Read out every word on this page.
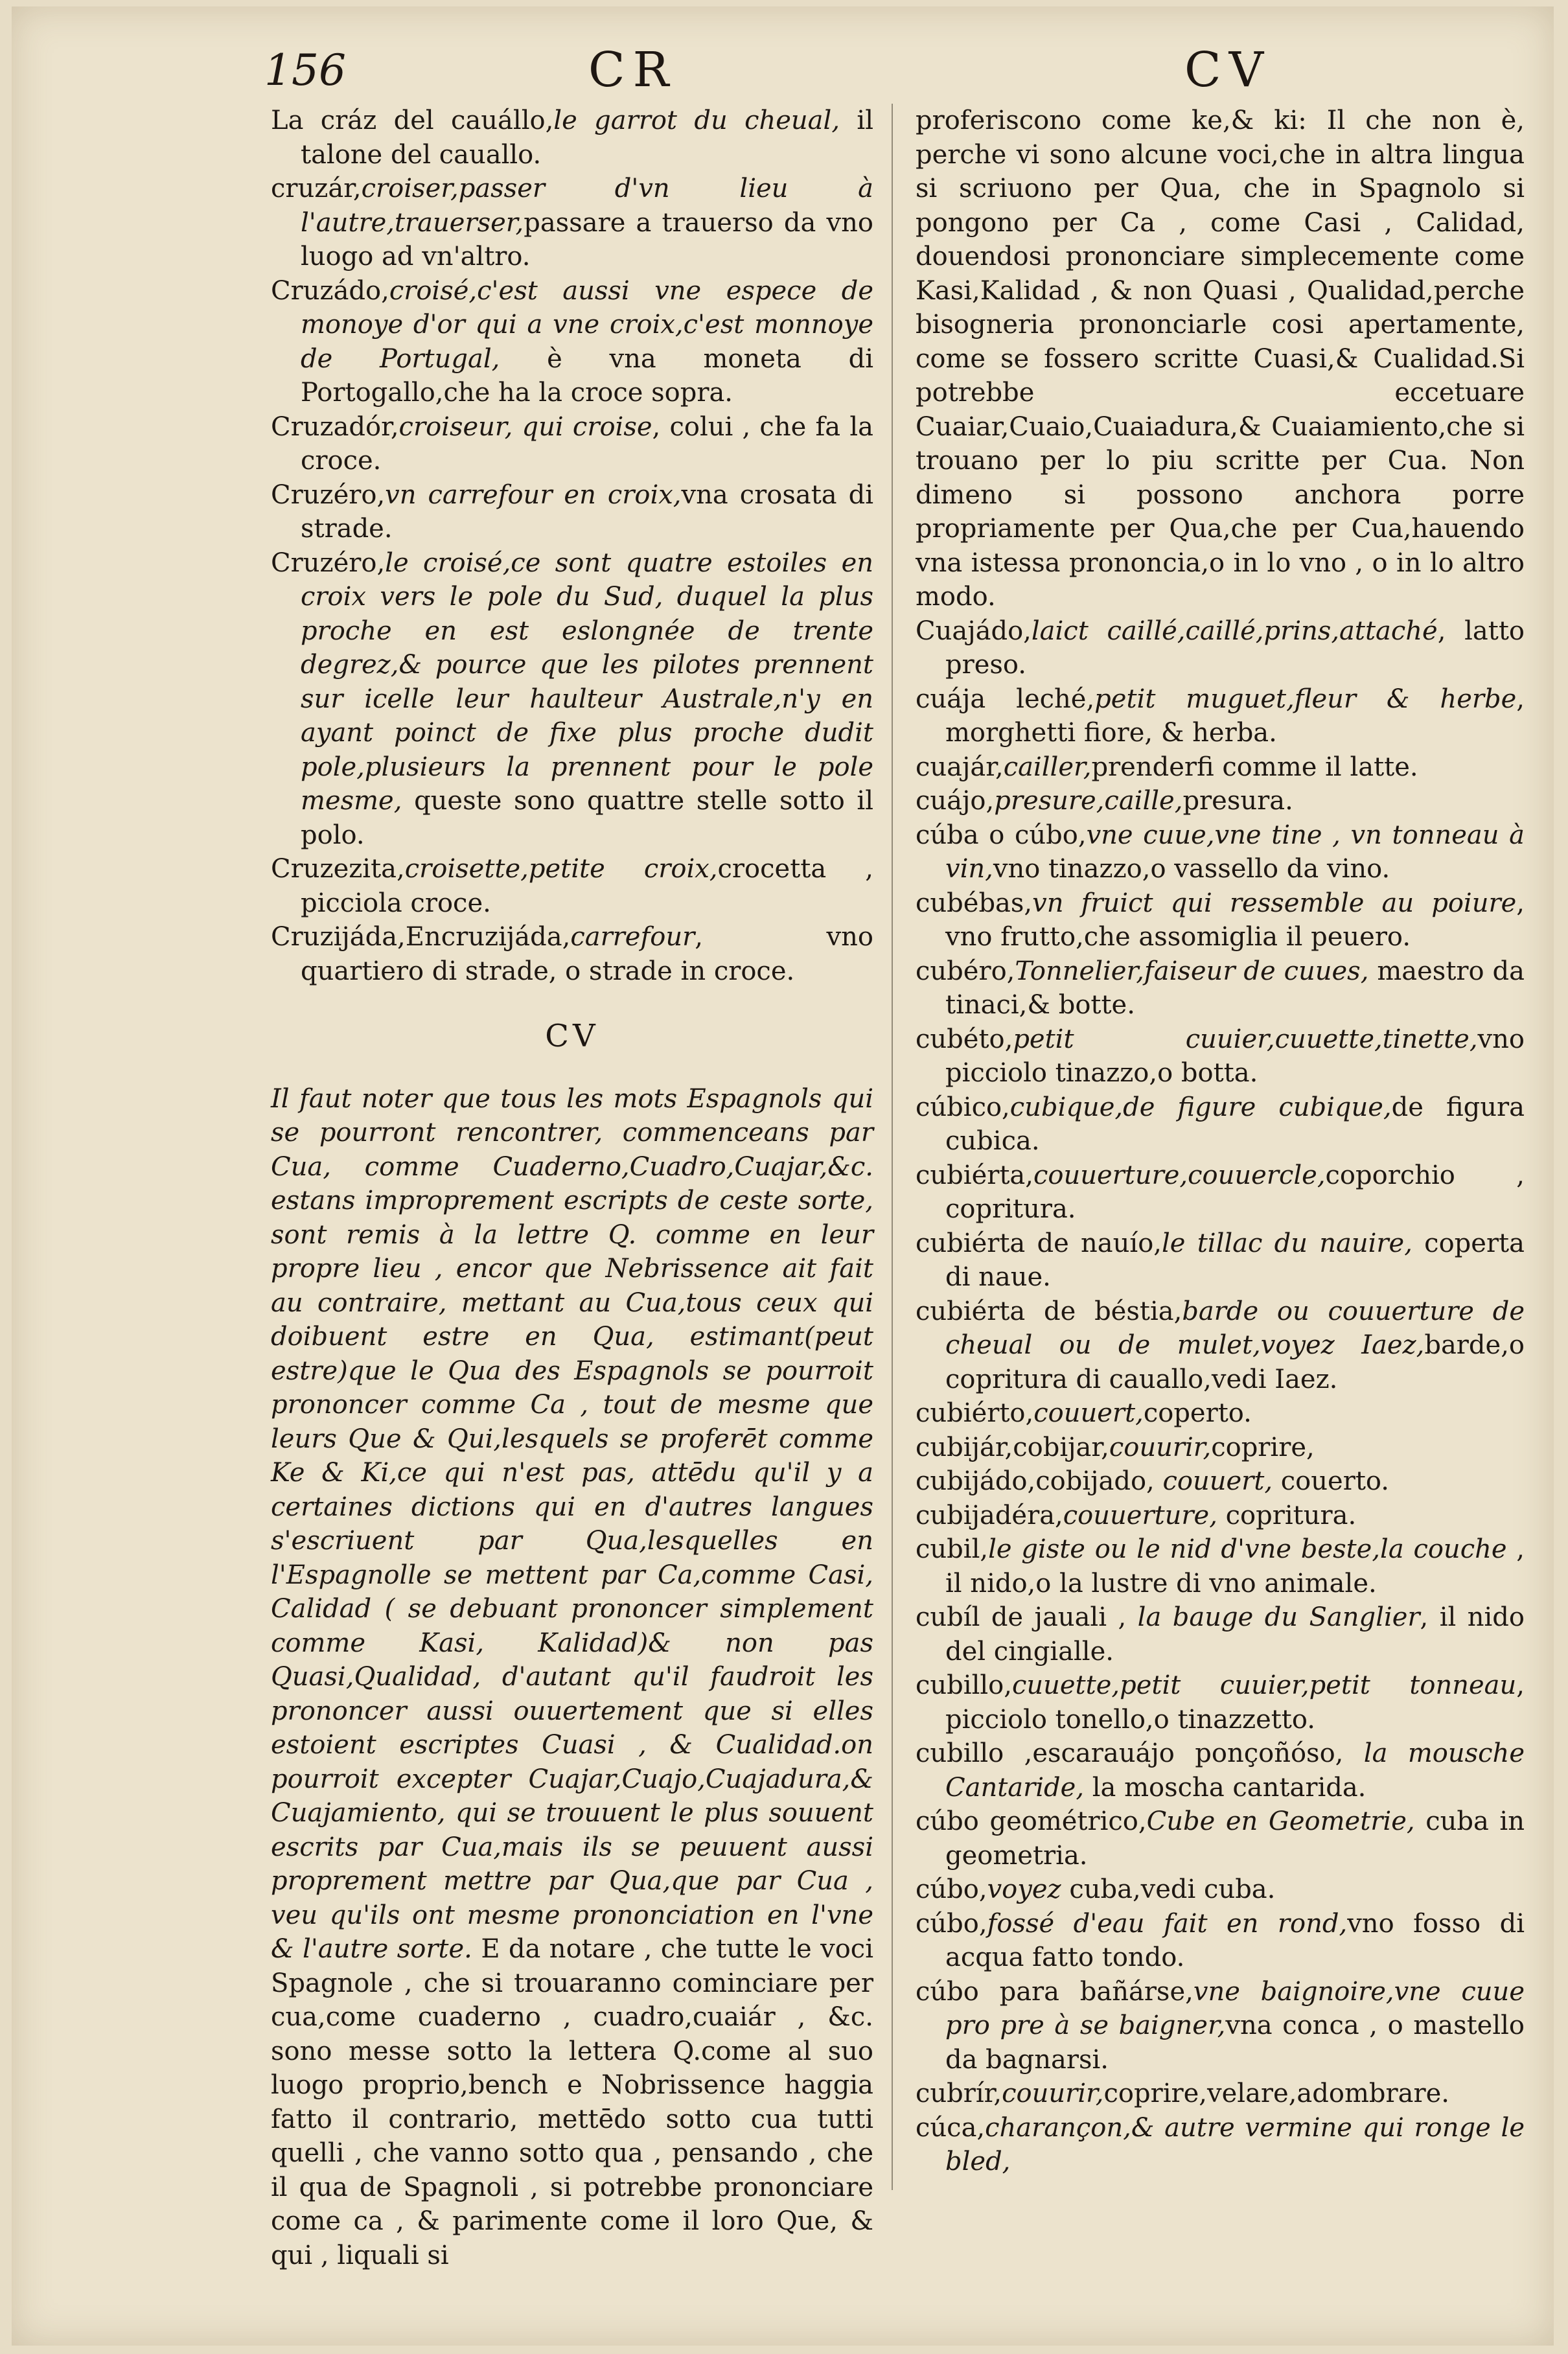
156	CR	CV

La cráz del cauállo,le garrot du cheual, il talone del cauallo.

cruzár,croiser,passer d'vn lieu à l'autre,trauerser,passare a trauerso da vno luogo ad vn'altro.

Cruzádo,croisé,c'est aussi vne espece de monoye d'or qui a vne croix,c'est monnoye de Portugal, è vna moneta di Portogallo,che ha la croce sopra.

Cruzadór,croiseur, qui croise, colui , che fa la croce.

Cruzéro,vn carrefour en croix,vna crosata di strade.

Cruzéro,le croisé,ce sont quatre estoiles en croix vers le pole du Sud, duquel la plus proche en est eslongnée de trente degrez,& pource que les pilotes prennent sur icelle leur haulteur Australe,n'y en ayant poinct de fixe plus proche dudit pole,plusieurs la prennent pour le pole mesme, queste sono quattre stelle sotto il polo.

Cruzezita,croisette,petite croix,crocetta , picciola croce.

Cruzijáda,Encruzijáda,carrefour, vno quartiero di strade, o strade in croce.

CV
Il faut noter que tous les mots Espagnols qui se pourront rencontrer, commenceans par Cua, comme Cuaderno,Cuadro,Cuajar,&c. estans improprement escripts de ceste sorte, sont remis à la lettre Q. comme en leur propre lieu , encor que Nebrissence ait fait au contraire, mettant au Cua,tous ceux qui doibuent estre en Qua, estimant(peut estre)que le Qua des Espagnols se pourroit prononcer comme Ca , tout de mesme que leurs Que & Qui,lesquels se proferēt comme Ke & Ki,ce qui n'est pas, attēdu qu'il y a certaines dictions qui en d'autres langues s'escriuent par Qua,lesquelles en l'Espagnolle se mettent par Ca,comme Casi, Calidad ( se debuant prononcer simplement comme Kasi, Kalidad)& non pas Quasi,Qualidad, d'autant qu'il faudroit les prononcer aussi ouuertement que si elles estoient escriptes Cuasi , & Cualidad.on pourroit excepter Cuajar,Cuajo,Cuajadura,& Cuajamiento, qui se trouuent le plus souuent escrits par Cua,mais ils se peuuent aussi proprement mettre par Qua,que par Cua , veu qu'ils ont mesme prononciation en l'vne & l'autre sorte. E da notare , che tutte le voci Spagnole , che si trouaranno cominciare per cua,come cuaderno , cuadro,cuaiár , &c. sono messe sotto la lettera Q.come al suo luogo proprio,bench e Nobrissence haggia fatto il contrario, mettēdo sotto cua tutti quelli , che vanno sotto qua , pensando , che il qua de Spagnoli , si potrebbe prononciare come ca , & parimente come il loro Que, & qui , liquali si

proferiscono come ke,& ki: Il che non è, perche vi sono alcune voci,che in altra lingua si scriuono per Qua, che in Spagnolo si pongono per Ca , come Casi , Calidad, douendosi prononciare simplecemente come Kasi,Kalidad , & non Quasi , Qualidad,perche bisogneria prononciarle cosi apertamente, come se fossero scritte Cuasi,& Cualidad.Si potrebbe eccetuare Cuaiar,Cuaio,Cuaiadura,& Cuaiamiento,che si trouano per lo piu scritte per Cua. Non dimeno si possono anchora porre propriamente per Qua,che per Cua,hauendo vna istessa prononcia,o in lo vno , o in lo altro modo.

Cuajádo,laict caillé,caillé,prins,attaché, latto preso.

cuája leché,petit muguet,fleur & herbe, morghetti fiore, & herba.

cuajár,cailler,prenderfi comme il latte.

cuájo,presure,caille,presura.

cúba o cúbo,vne cuue,vne tine , vn tonneau à vin,vno tinazzo,o vassello da vino.

cubébas,vn fruict qui ressemble au poiure, vno frutto,che assomiglia il peuero.

cubéro,Tonnelier,faiseur de cuues, maestro da tinaci,& botte.

cubéto,petit cuuier,cuuette,tinette,vno picciolo tinazzo,o botta.

cúbico,cubique,de figure cubique,de figura cubica.

cubiérta,couuerture,couuercle,coporchio , copritura.

cubiérta de nauío,le tillac du nauire, coperta di naue.

cubiérta de béstia,barde ou couuerture de cheual ou de mulet,voyez Iaez,barde,o copritura di cauallo,vedi Iaez.

cubiérto,couuert,coperto.

cubijár,cobijar,couurir,coprire,

cubijádo,cobijado, couuert, couerto.

cubijadéra,couuerture, copritura.

cubil,le giste ou le nid d'vne beste,la couche , il nido,o la lustre di vno animale.

cubíl de jauali , la bauge du Sanglier, il nido del cingialle.

cubillo,cuuette,petit cuuier,petit tonneau, picciolo tonello,o tinazzetto.

cubillo ,escarauájo ponçoñóso, la mousche Cantaride, la moscha cantarida.

cúbo geométrico,Cube en Geometrie, cuba in geometria.

cúbo,voyez cuba,vedi cuba.

cúbo,fossé d'eau fait en rond,vno fosso di acqua fatto tondo.

cúbo para bañárse,vne baignoire,vne cuue pro pre à se baigner,vna conca , o mastello da bagnarsi.

cubrír,couurir,coprire,velare,adombrare.

cúca,charançon,& autre vermine qui ronge le bled,
